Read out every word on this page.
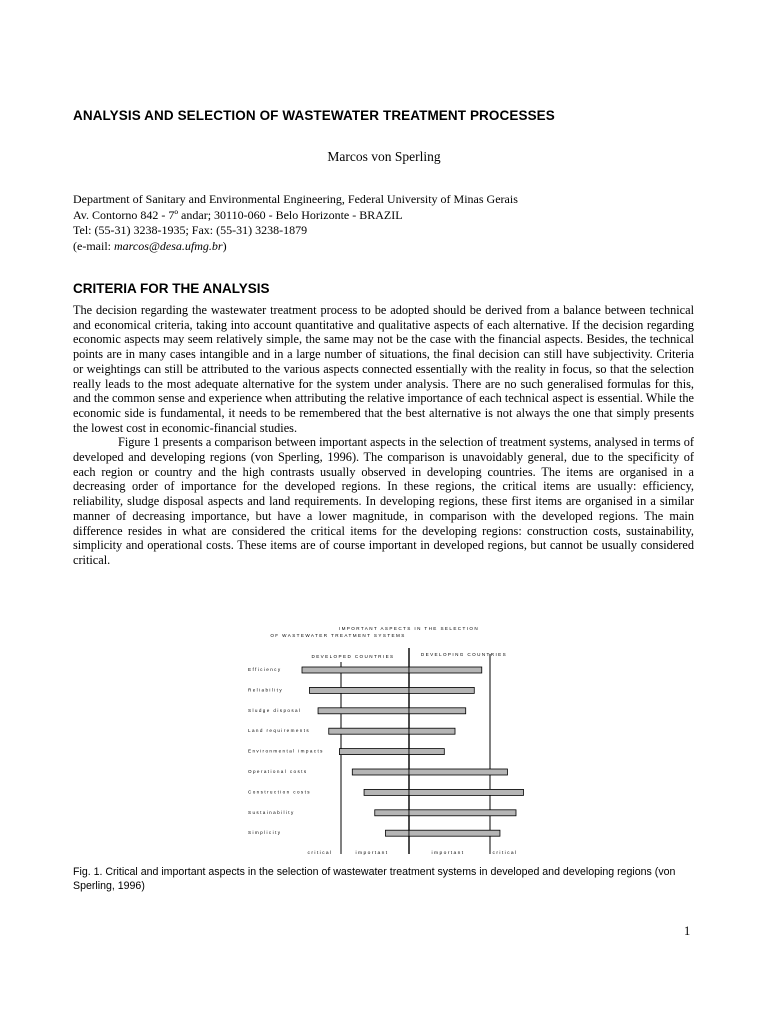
ANALYSIS AND SELECTION OF WASTEWATER TREATMENT PROCESSES
Marcos von Sperling
Department of Sanitary and Environmental Engineering, Federal University of Minas Gerais
Av. Contorno 842 - 7º andar; 30110-060 - Belo Horizonte - BRAZIL
Tel: (55-31) 3238-1935; Fax: (55-31) 3238-1879
(e-mail: marcos@desa.ufmg.br)
CRITERIA FOR THE ANALYSIS

The decision regarding the wastewater treatment process to be adopted should be derived from a balance between technical and economical criteria, taking into account quantitative and qualitative aspects of each alternative. If the decision regarding economic aspects may seem relatively simple, the same may not be the case with the financial aspects. Besides, the technical points are in many cases intangible and in a large number of situations, the final decision can still have subjectivity. Criteria or weightings can still be attributed to the various aspects connected essentially with the reality in focus, so that the selection really leads to the most adequate alternative for the system under analysis. There are no such generalised formulas for this, and the common sense and experience when attributing the relative importance of each technical aspect is essential. While the economic side is fundamental, it needs to be remembered that the best alternative is not always the one that simply presents the lowest cost in economic-financial studies.

Figure 1 presents a comparison between important aspects in the selection of treatment systems, analysed in terms of developed and developing regions (von Sperling, 1996). The comparison is unavoidably general, due to the specificity of each region or country and the high contrasts usually observed in developing countries. The items are organised in a decreasing order of importance for the developed regions. In these regions, the critical items are usually: efficiency, reliability, sludge disposal aspects and land requirements. In developing regions, these first items are organised in a similar manner of decreasing importance, but have a lower magnitude, in comparison with the developed regions. The main difference resides in what are considered the critical items for the developing regions: construction costs, sustainability, simplicity and operational costs. These items are of course important in developed regions, but cannot be usually considered critical.

IMPORTANT ASPECTS IN THE SELECTION
OF WASTEWATER TREATMENT SYSTEMS
DEVELOPED COUNTRIES	DEVELOPING COUNTRIES
Efficiency
Reliability
Sludge disposal
Land requirements
Environmental impacts
Operational costs
Construction costs
Sustainability
Simplicity
critical	important	important	critical
Fig. 1. Critical and important aspects in the selection of wastewater treatment systems in developed and developing regions (von Sperling, 1996)
1
